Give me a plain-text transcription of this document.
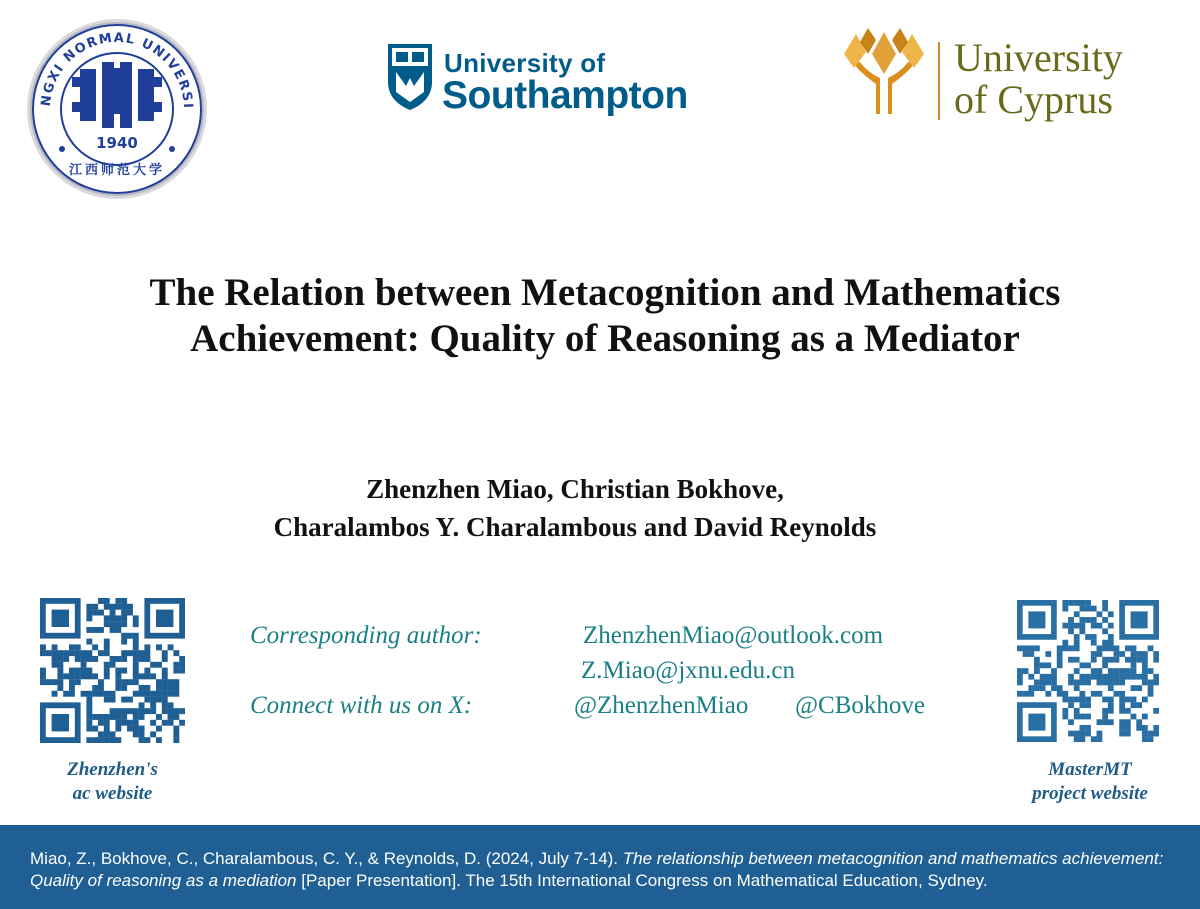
NGXI NORMAL UNIVERSI
1940
江西师范大学
University of
Southampton
University
of Cyprus
The Relation between Metacognition and Mathematics
Achievement: Quality of Reasoning as a Mediator
Zhenzhen Miao, Christian Bokhove,
Charalambos Y. Charalambous and David Reynolds
Corresponding author:	ZhenzhenMiao@outlook.com
Z.Miao@jxnu.edu.cn
Connect with us on X:	@ZhenzhenMiao @CBokhove
Zhenzhen's
ac website
MasterMT
project website
Miao, Z., Bokhove, C., Charalambous, C. Y., & Reynolds, D. (2024, July 7-14). The relationship between metacognition and mathematics achievement: Quality of reasoning as a mediation [Paper Presentation]. The 15th International Congress on Mathematical Education, Sydney.
